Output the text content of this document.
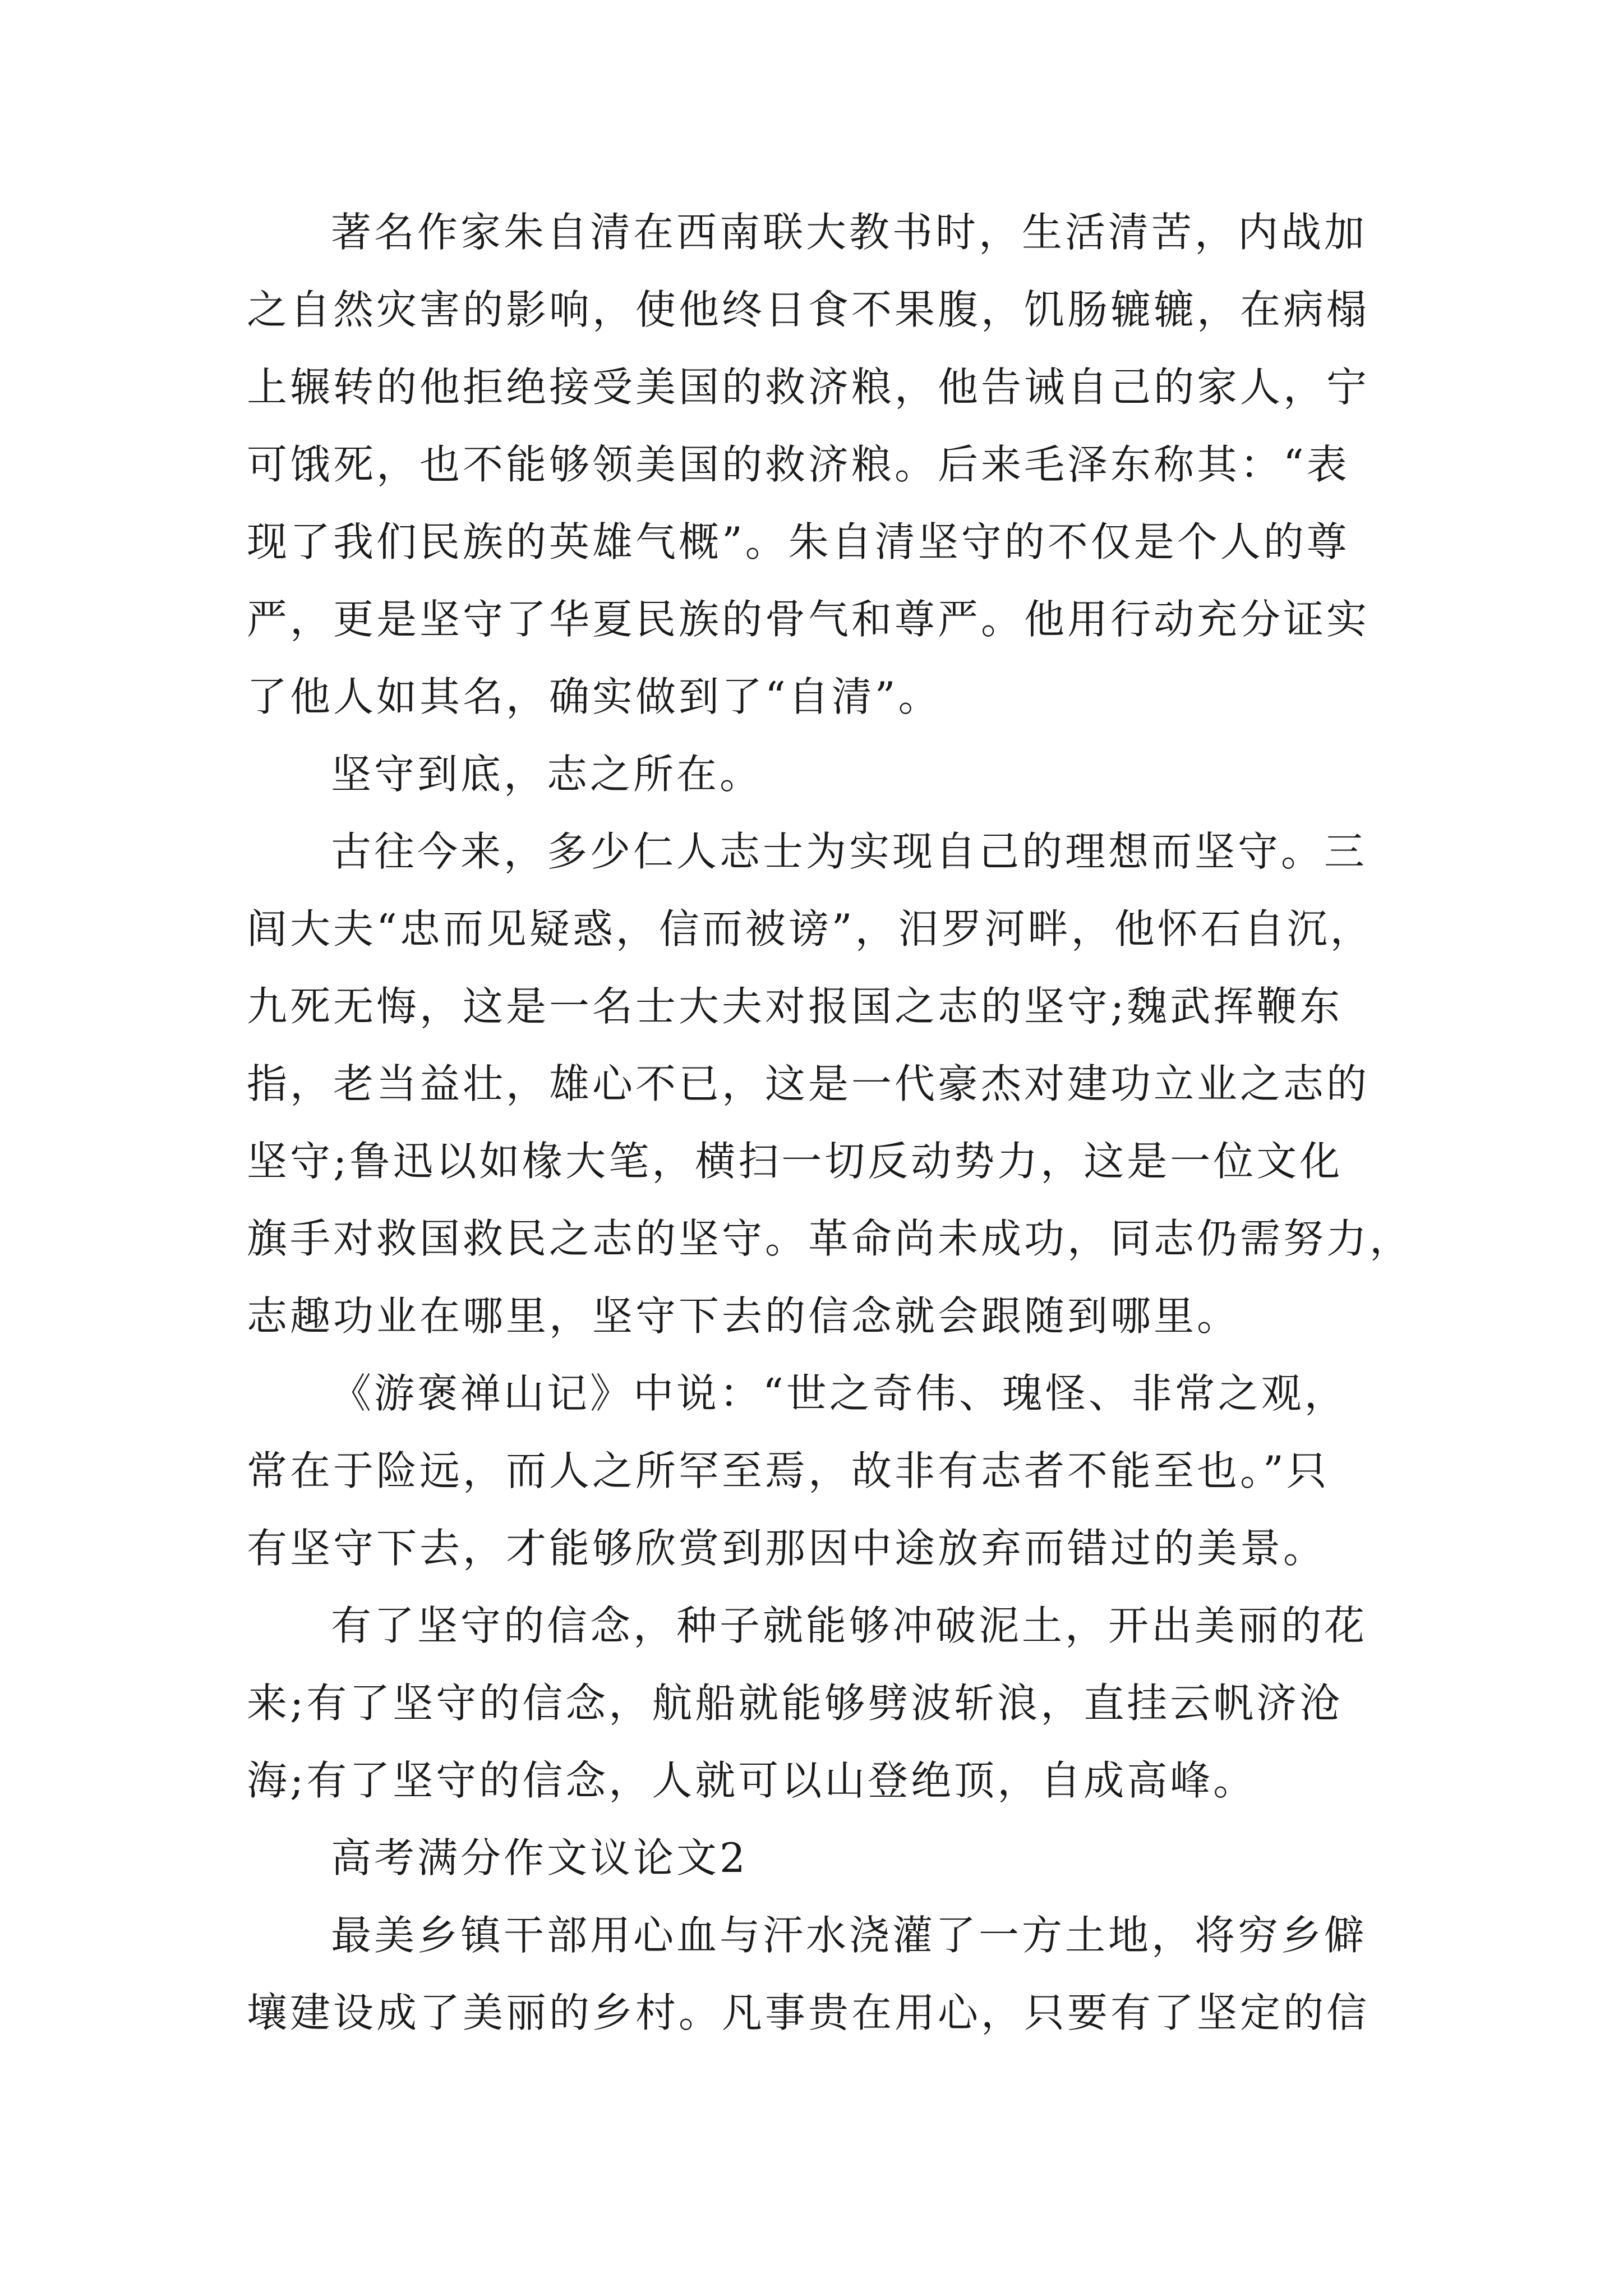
著名作家朱自清在西南联大教书时，生活清苦，内战加
之自然灾害的影响，使他终日食不果腹，饥肠辘辘，在病榻
上辗转的他拒绝接受美国的救济粮，他告诫自己的家人，宁
可饿死，也不能够领美国的救济粮。后来毛泽东称其：“表
现了我们民族的英雄气概”。朱自清坚守的不仅是个人的尊
严，更是坚守了华夏民族的骨气和尊严。他用行动充分证实
了他人如其名，确实做到了“自清”。
坚守到底，志之所在。
古往今来，多少仁人志士为实现自己的理想而坚守。三
闾大夫“忠而见疑惑，信而被谤”，汨罗河畔，他怀石自沉，
九死无悔，这是一名士大夫对报国之志的坚守;魏武挥鞭东
指，老当益壮，雄心不已，这是一代豪杰对建功立业之志的
坚守;鲁迅以如椽大笔，横扫一切反动势力，这是一位文化
旗手对救国救民之志的坚守。革命尚未成功，同志仍需努力，
志趣功业在哪里，坚守下去的信念就会跟随到哪里。
《游褒禅山记》中说：“世之奇伟、瑰怪、非常之观，
常在于险远，而人之所罕至焉，故非有志者不能至也。”只
有坚守下去，才能够欣赏到那因中途放弃而错过的美景。
有了坚守的信念，种子就能够冲破泥土，开出美丽的花
来;有了坚守的信念，航船就能够劈波斩浪，直挂云帆济沧
海;有了坚守的信念，人就可以山登绝顶，自成高峰。
高考满分作文议论文2
最美乡镇干部用心血与汗水浇灌了一方土地，将穷乡僻
壤建设成了美丽的乡村。凡事贵在用心，只要有了坚定的信
